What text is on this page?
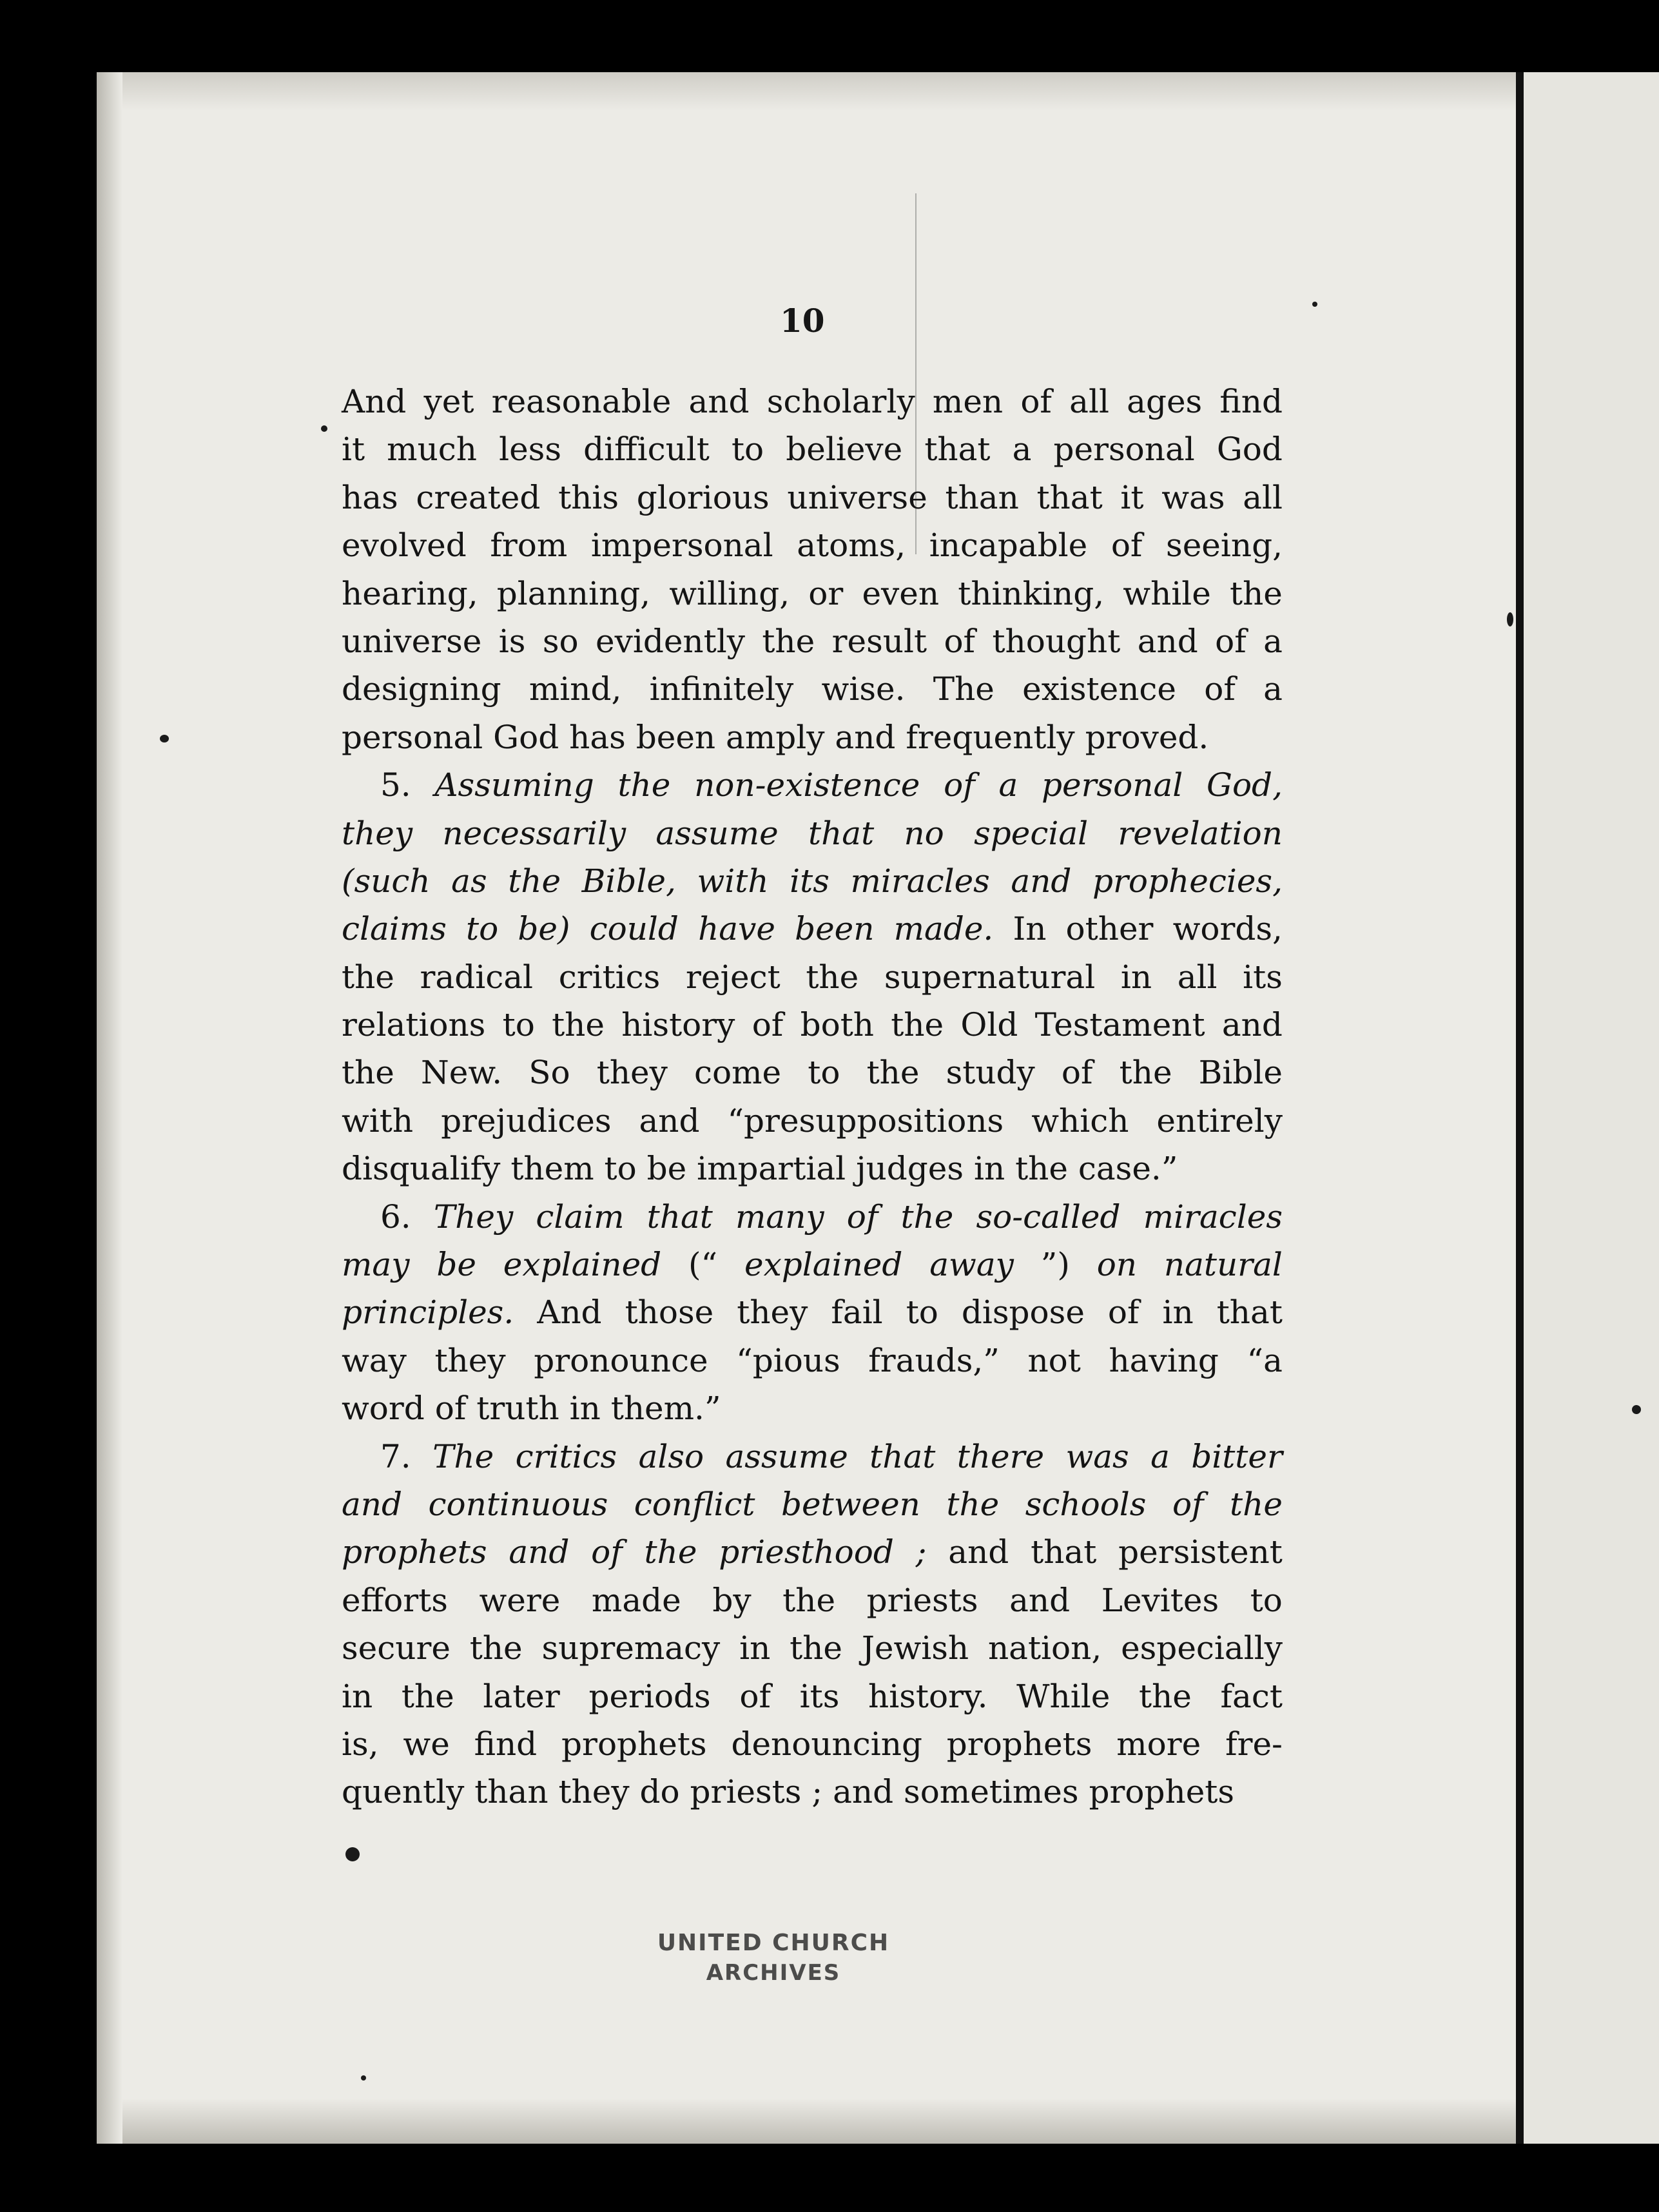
10
And yet reasonable and scholarly men of all ages find
it much less difficult to believe that a personal God
has created this glorious universe than that it was all
evolved from impersonal atoms, incapable of seeing,
hearing, planning, willing, or even thinking, while the
universe is so evidently the result of thought and of a
designing mind, infinitely wise. The existence of a
personal
God
has
been
amply
and
frequently
proved.

5. Assuming the non-existence of a personal God,
they necessarily assume that no special revelation
(such as the Bible, with its miracles and prophecies,
claims to be) could have been made. In other words,
the radical critics reject the supernatural in all its
relations to the history of both the Old Testament and
the New. So they come to the study of the Bible
with prejudices and “presuppositions which entirely
disqualify
them
to
be
impartial
judges
in
the
case.”

6. They claim that many of the so-called miracles
may be explained (“ explained away ”) on natural
principles. And those they fail to dispose of in that
way they pronounce “pious frauds,” not having “a
word
of
truth
in
them.”

7. The critics also assume that there was a bitter
and continuous conflict between the schools of the
prophets and of the priesthood ; and that persistent
efforts were made by the priests and Levites to
secure the supremacy in the Jewish nation, especially
in the later periods of its history. While the fact
is, we find prophets denouncing prophets more fre-
quently
than
they
do
priests
;
and
sometimes
prophets

UNITED CHURCH
ARCHIVES
